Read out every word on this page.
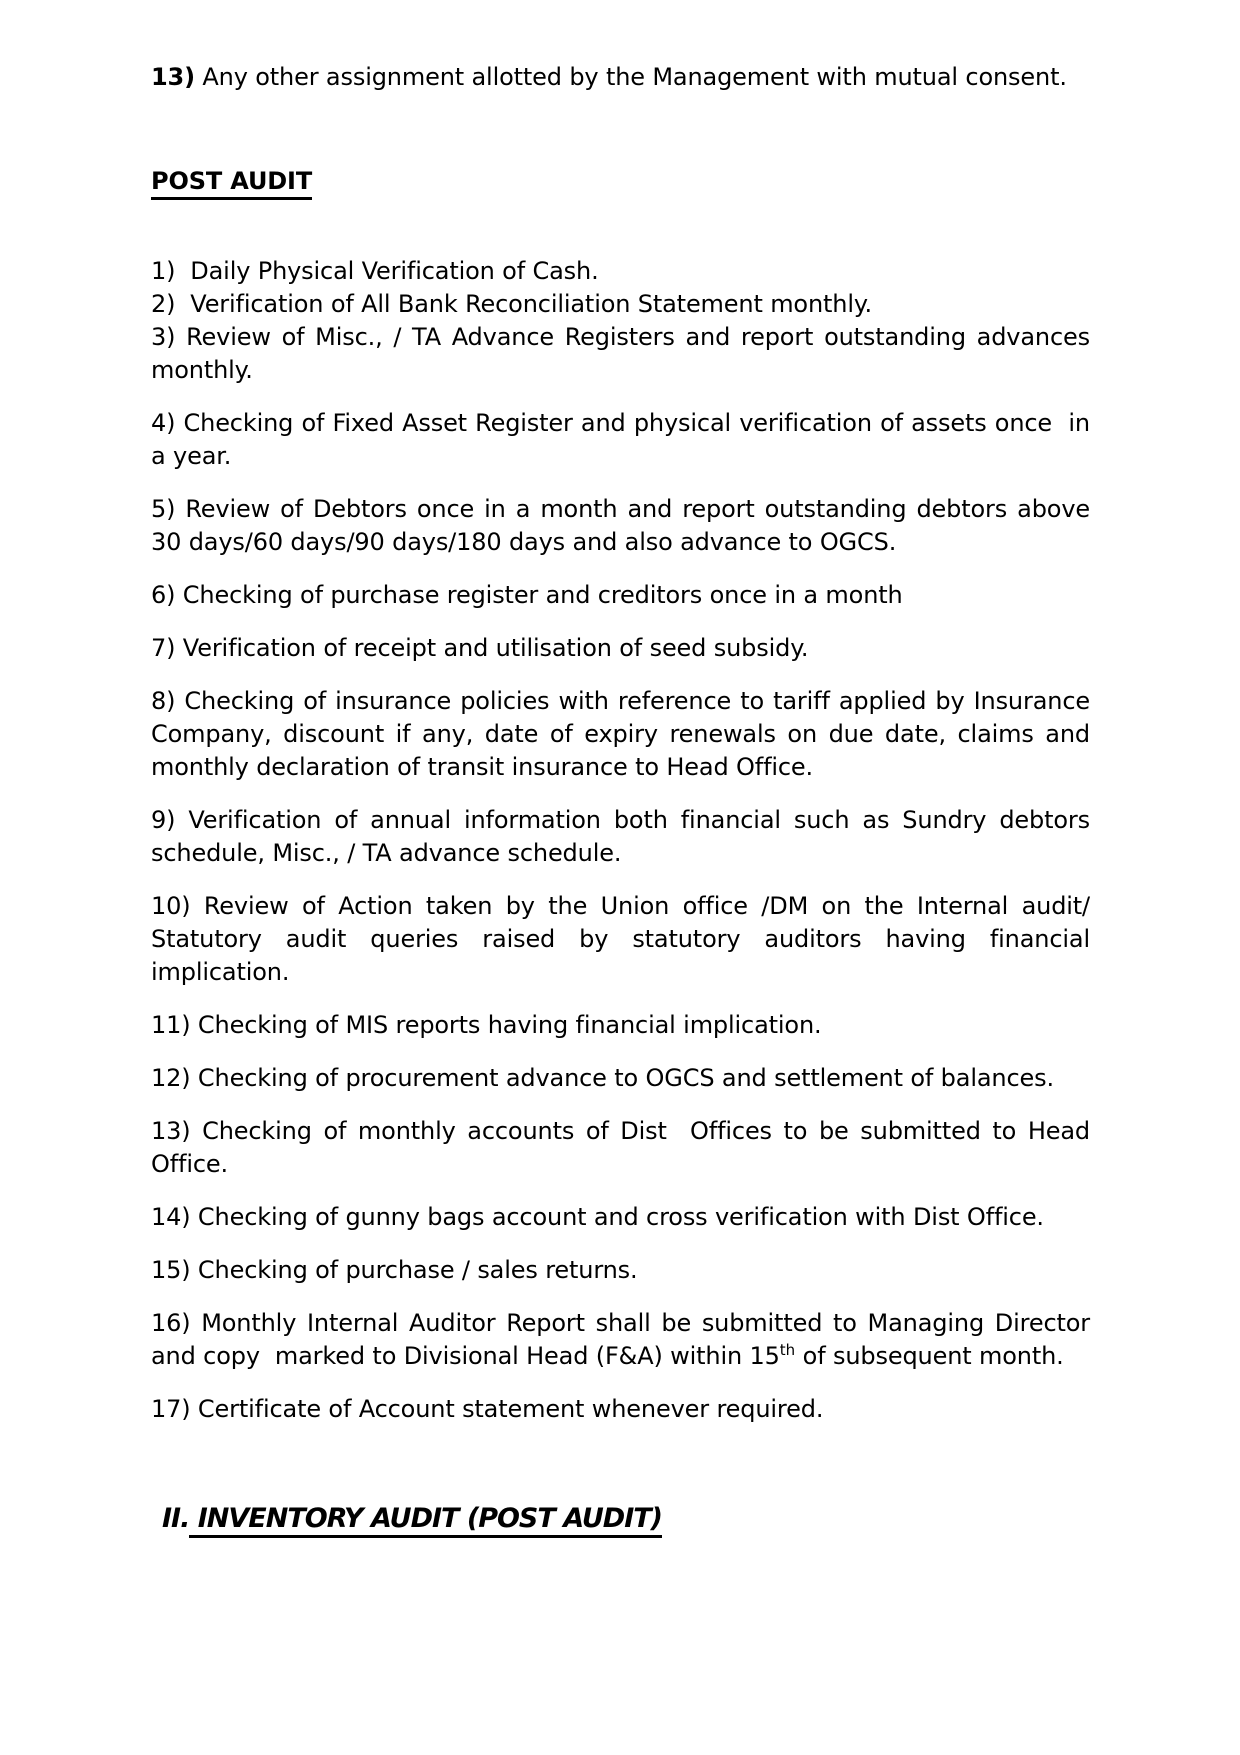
13) Any other assignment allotted by the Management with mutual consent.

POST AUDIT
1)  Daily Physical Verification of Cash.
2)  Verification of All Bank Reconciliation Statement monthly.
3) Review of Misc., / TA Advance Registers and report outstanding advances
monthly.
4) Checking of Fixed Asset Register and physical verification of assets once  in
a year.
5) Review of Debtors once in a month and report outstanding debtors above
30 days/60 days/90 days/180 days and also advance to OGCS.
6) Checking of purchase register and creditors once in a month
7) Verification of receipt and utilisation of seed subsidy.
8) Checking of insurance policies with reference to tariff applied by Insurance
Company, discount if any, date of expiry renewals on due date, claims and
monthly declaration of transit insurance to Head Office.
9) Verification of annual information both financial such as Sundry debtors
schedule, Misc., / TA advance schedule.
10) Review of Action taken by the Union office /DM on the Internal audit/
Statutory audit queries raised by statutory auditors having financial
implication.
11) Checking of MIS reports having financial implication.
12) Checking of procurement advance to OGCS and settlement of balances.
13) Checking of monthly accounts of Dist  Offices to be submitted to Head
Office.
14) Checking of gunny bags account and cross verification with Dist Office.
15) Checking of purchase / sales returns.
16) Monthly Internal Auditor Report shall be submitted to Managing Director
and copy  marked to Divisional Head (F&A) within 15th of subsequent month.
17) Certificate of Account statement whenever required.
II. INVENTORY AUDIT (POST AUDIT)
